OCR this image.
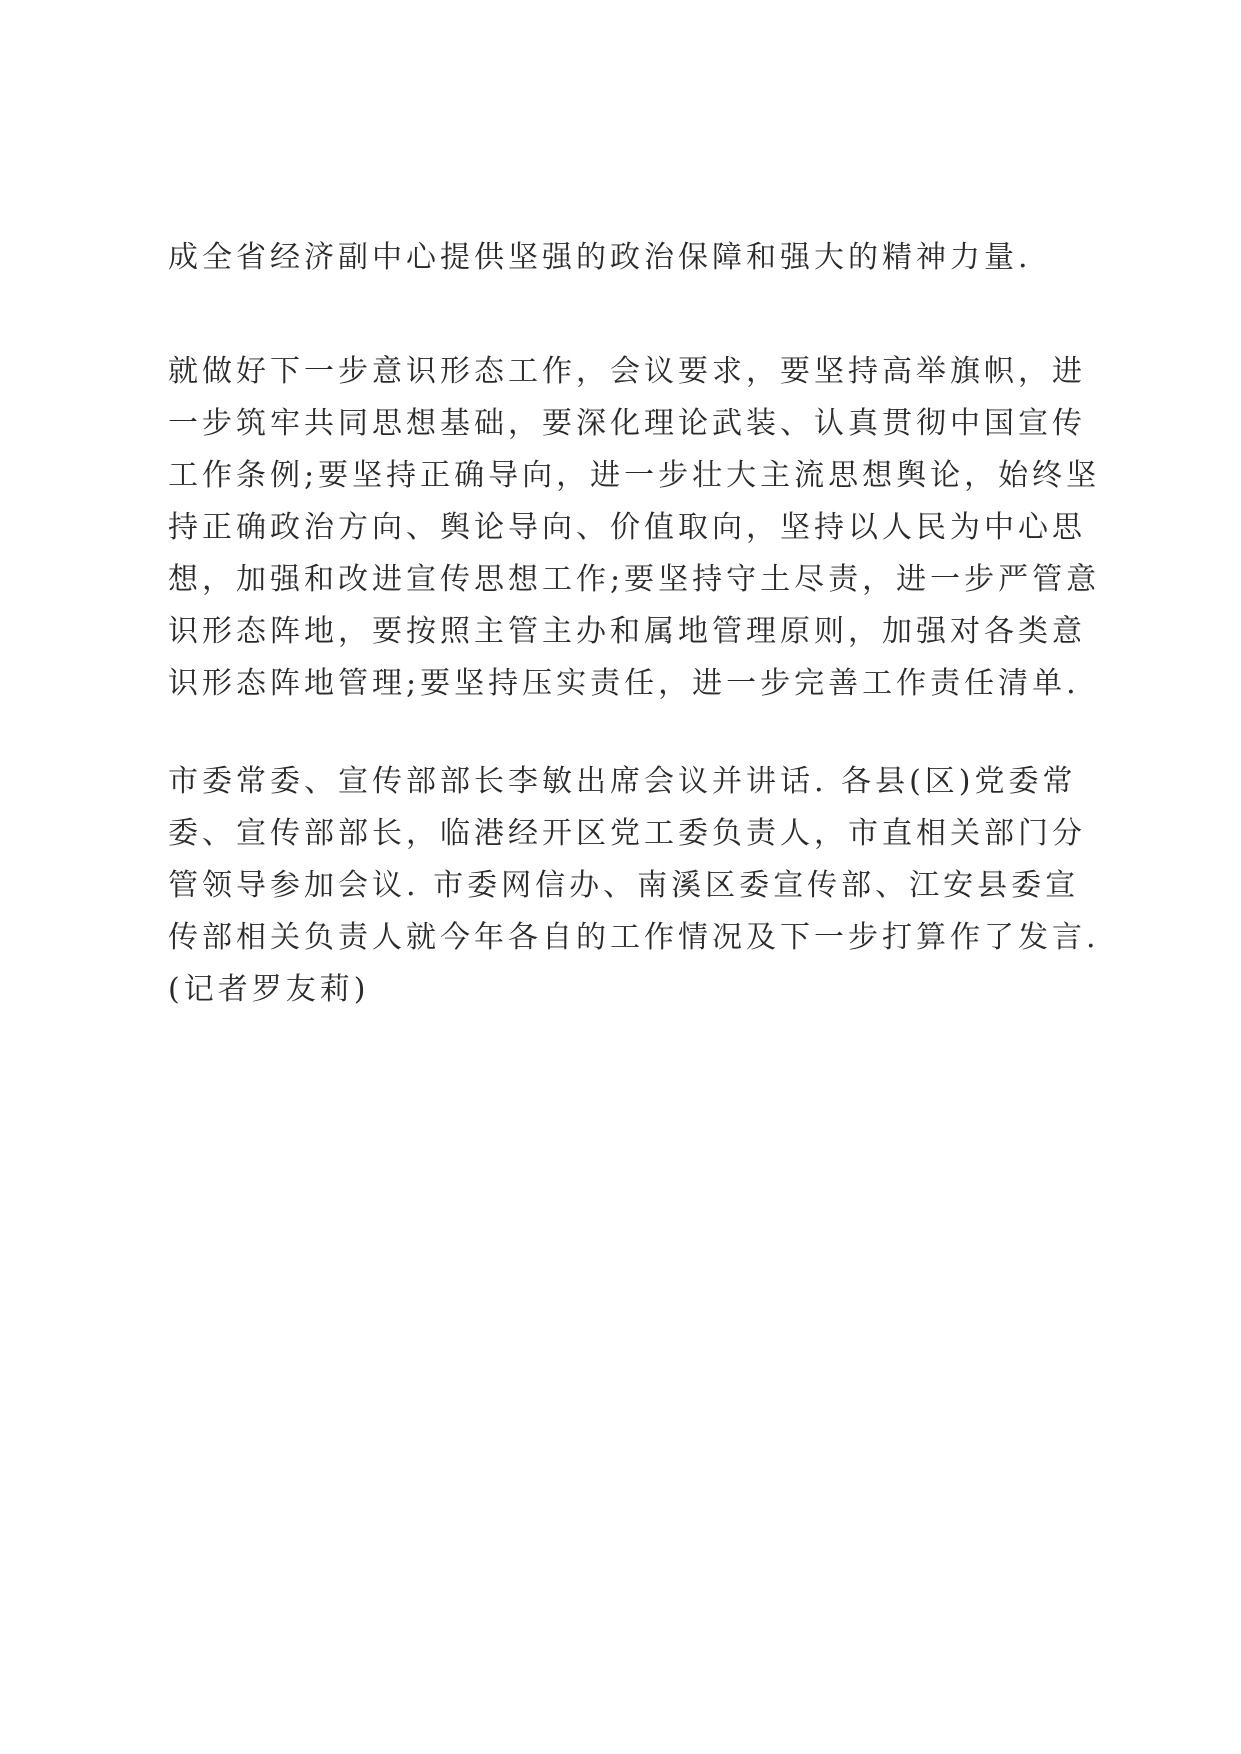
成全省经济副中心提供坚强的政治保障和强大的精神力量.
就做好下一步意识形态工作，会议要求，要坚持高举旗帜，进
一步筑牢共同思想基础，要深化理论武装、认真贯彻中国宣传
工作条例;要坚持正确导向，进一步壮大主流思想舆论，始终坚
持正确政治方向、舆论导向、价值取向，坚持以人民为中心思
想，加强和改进宣传思想工作;要坚持守土尽责，进一步严管意
识形态阵地，要按照主管主办和属地管理原则，加强对各类意
识形态阵地管理;要坚持压实责任，进一步完善工作责任清单.
市委常委、宣传部部长李敏出席会议并讲话. 各县(区)党委常
委、宣传部部长，临港经开区党工委负责人，市直相关部门分
管领导参加会议. 市委网信办、南溪区委宣传部、江安县委宣
传部相关负责人就今年各自的工作情况及下一步打算作了发言.
(记者罗友莉)
